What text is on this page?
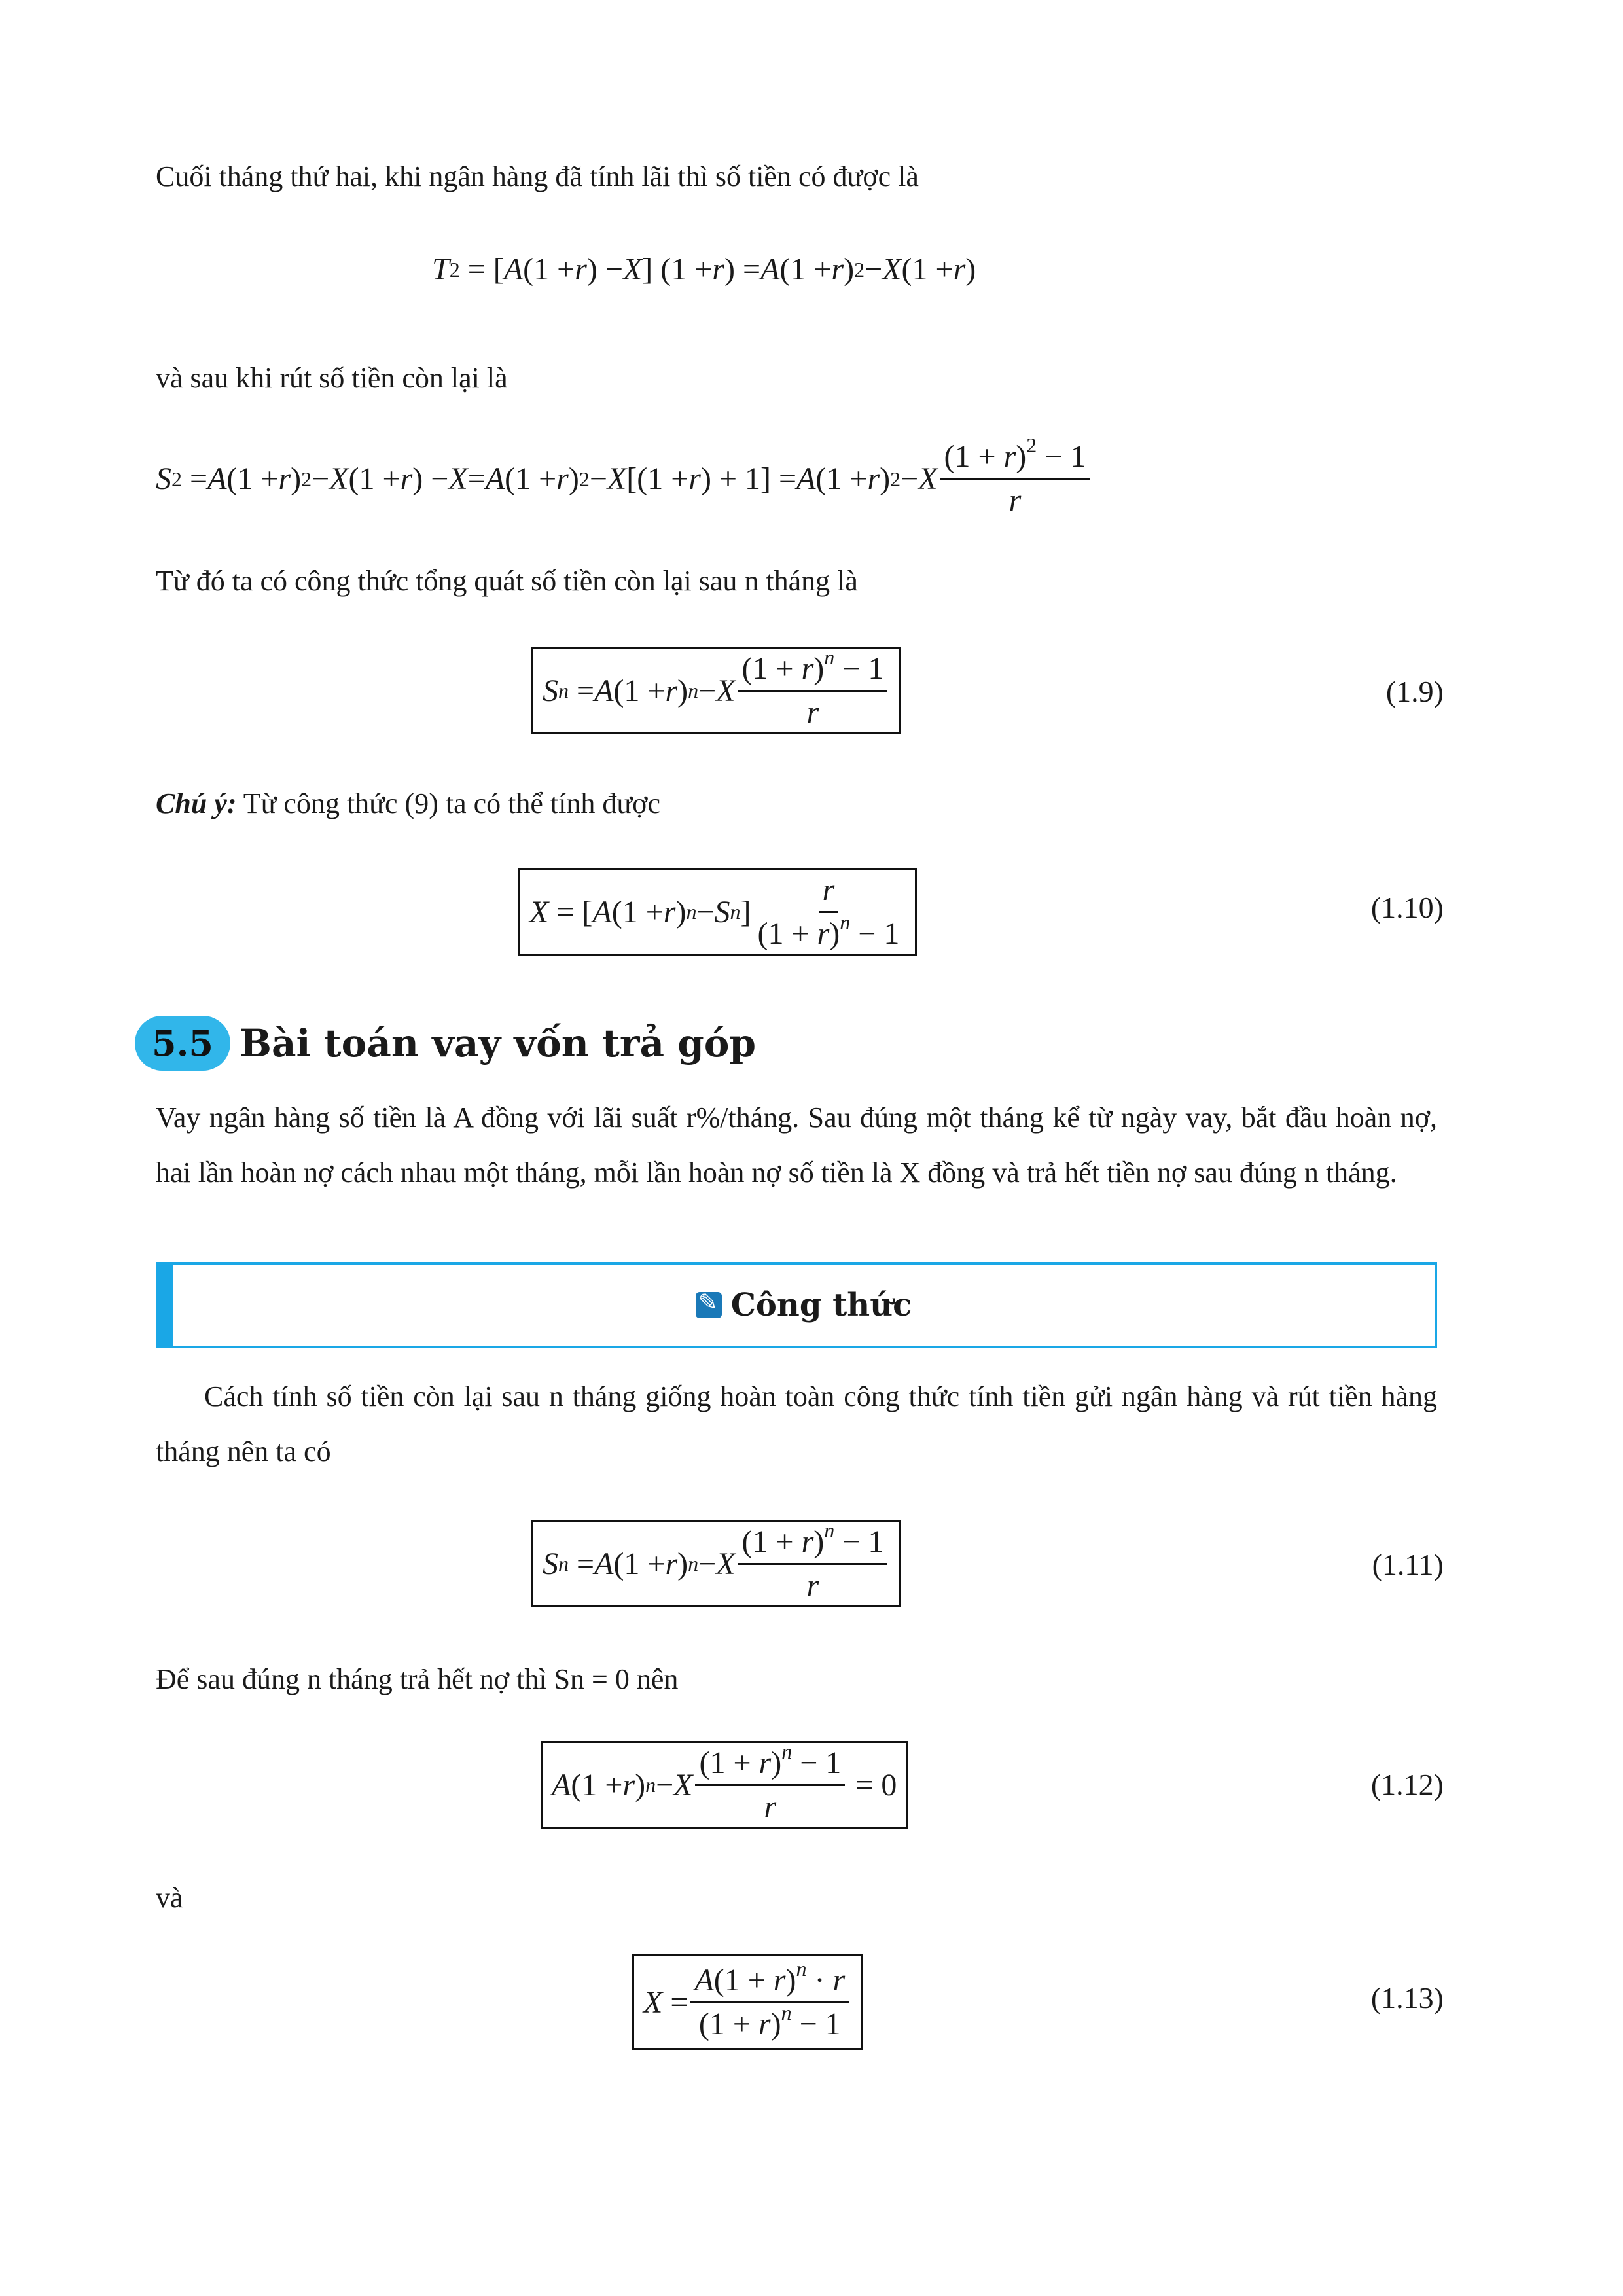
Cuối tháng thứ hai, khi ngân hàng đã tính lãi thì số tiền có được là
T 2 = [ A (1 + r ) − X ] (1 + r ) = A (1 + r ) 2 − X (1 + r )
và sau khi rút số tiền còn lại là
S 2 = A (1 + r ) 2 − X (1 + r ) − X = A (1 + r ) 2 − X [(1 + r ) + 1] = A (1 + r ) 2 − X $\frac{(1 + r)^2 - 1}{r}$
Từ đó ta có công thức tổng quát số tiền còn lại sau n tháng là
S n = A (1 + r ) n − X $\frac{(1 + r)^n - 1}{r}$	(1.9)
Chú ý: Từ công thức (9) ta có thể tính được
X = [ A (1 + r ) n − S n ] $\frac{r}{(1 + r)^n - 1}$	(1.10)
5.5 Bài toán vay vốn trả góp
Vay ngân hàng số tiền là A đồng với lãi suất r%/tháng. Sau đúng một tháng kể từ ngày vay, bắt đầu hoàn nợ, hai lần hoàn nợ cách nhau một tháng, mỗi lần hoàn nợ số tiền là X đồng và trả hết tiền nợ sau đúng n tháng.
✎
Công thức
Cách tính số tiền còn lại sau n tháng giống hoàn toàn công thức tính tiền gửi ngân hàng và rút tiền hàng tháng nên ta có
S n = A (1 + r ) n − X $\frac{(1 + r)^n - 1}{r}$	(1.11)
Để sau đúng n tháng trả hết nợ thì Sn = 0 nên
A (1 + r ) n − X $\frac{(1 + r)^n - 1}{r} = 0$	(1.12)
và
$X = \frac{A(1 + r)^n \cdot r}{(1 + r)^n - 1}$	(1.13)
